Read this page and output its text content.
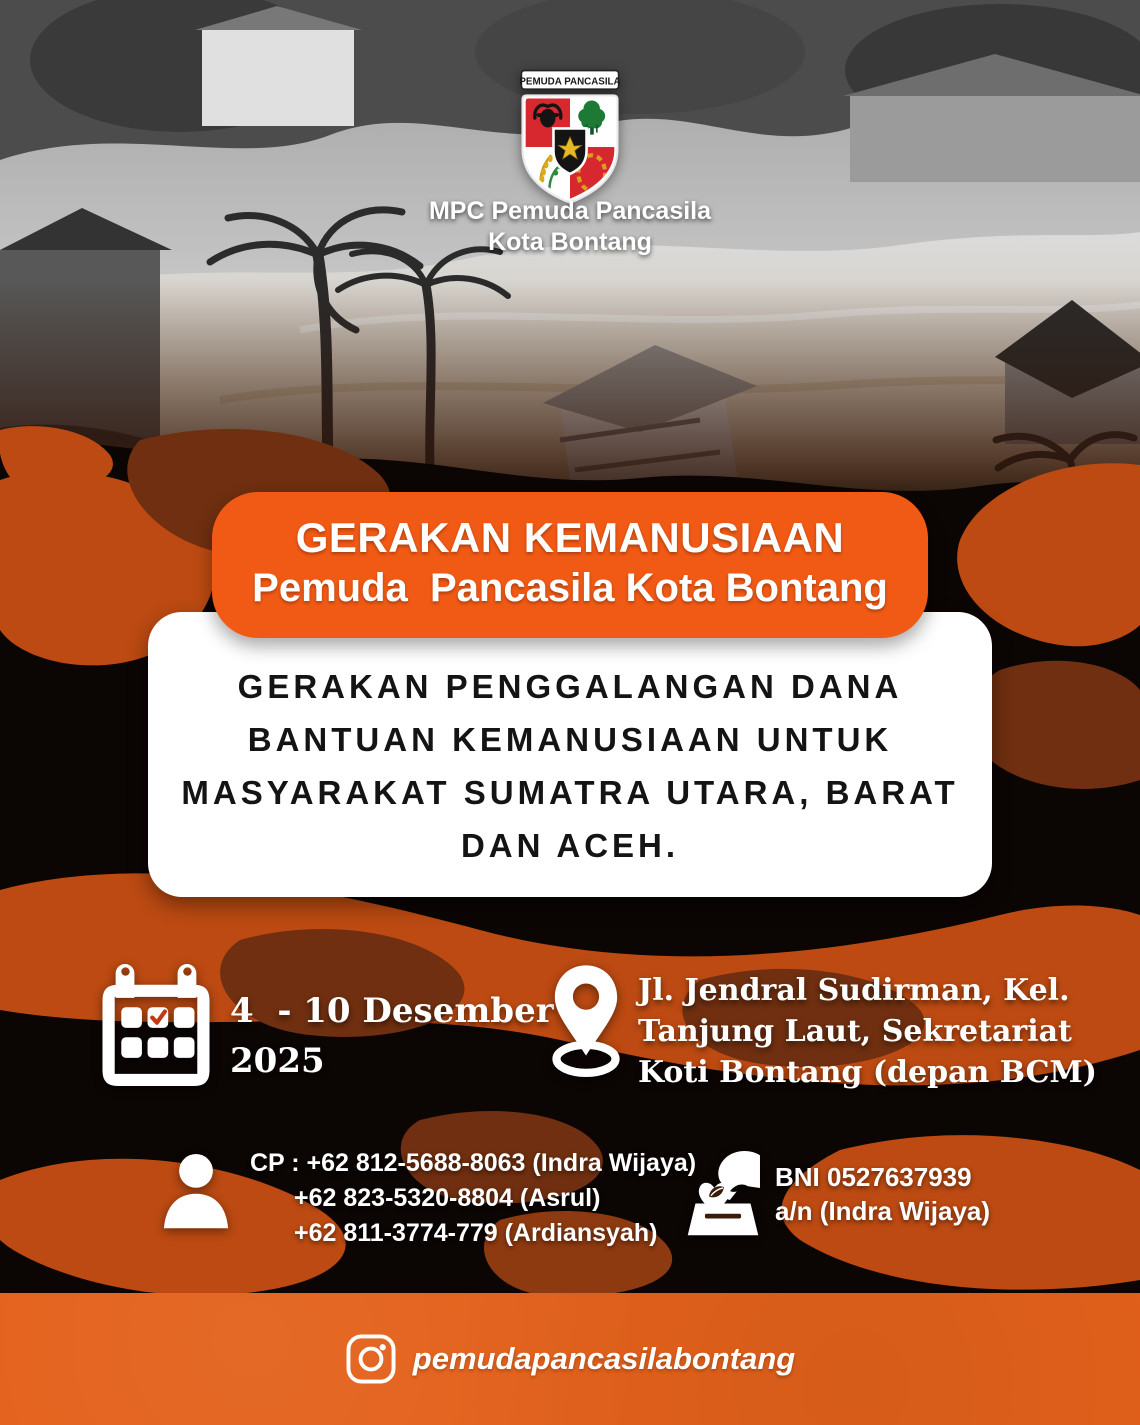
PEMUDA PANCASILA
MPC Pemuda Pancasila
Kota Bontang
GERAKAN KEMANUSIAAN
Pemuda  Pancasila Kota Bontang
GERAKAN PENGGALANGAN DANA
BANTUAN KEMANUSIAAN UNTUK
MASYARAKAT SUMATRA UTARA, BARAT
DAN ACEH.
4  - 10 Desember
2025
Jl. Jendral Sudirman, Kel.
Tanjung Laut, Sekretariat
Koti Bontang (depan BCM)
CP : +62 812-5688-8063 (Indra Wijaya)
+62 823-5320-8804 (Asrul)
+62 811-3774-779 (Ardiansyah)
BNI 0527637939
a/n (Indra Wijaya)
pemudapancasilabontang
